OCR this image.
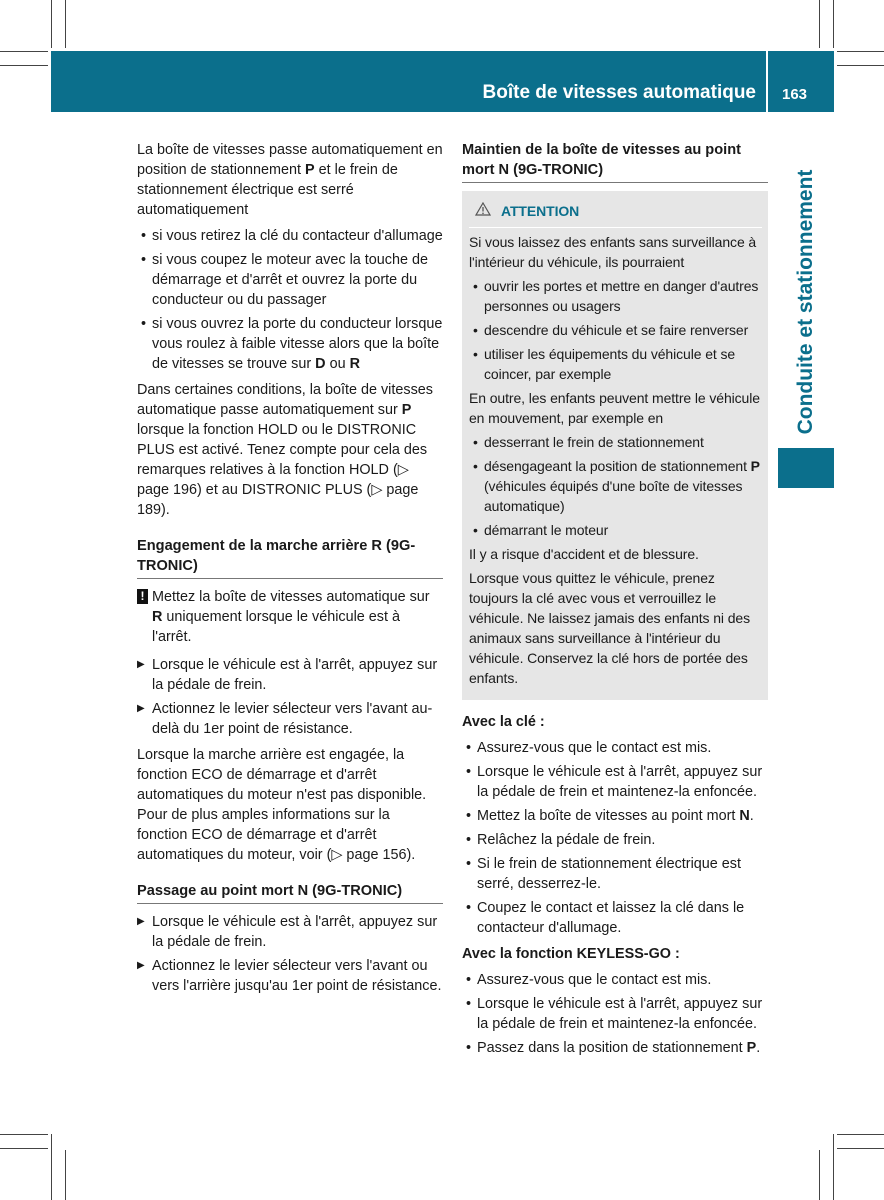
Boîte de vitesses automatique 163
Conduite et stationnement

La boîte de vitesses passe automatiquement en position de stationnement P et le frein de stationnement électrique est serré automatiquement

• si vous retirez la clé du contacteur d'allumage
• si vous coupez le moteur avec la touche de démarrage et d'arrêt et ouvrez la porte du conducteur ou du passager
• si vous ouvrez la porte du conducteur lorsque vous roulez à faible vitesse alors que la boîte de vitesses se trouve sur D ou R

Dans certaines conditions, la boîte de vitesses automatique passe automatiquement sur P lorsque la fonction HOLD ou le DISTRONIC PLUS est activé. Tenez compte pour cela des remarques relatives à la fonction HOLD (▷ page 196) et au DISTRONIC PLUS (▷ page 189).

Engagement de la marche arrière R (9G-TRONIC)
! Mettez la boîte de vitesses automatique sur R uniquement lorsque le véhicule est à l'arrêt.
▶ Lorsque le véhicule est à l'arrêt, appuyez sur la pédale de frein.
▶ Actionnez le levier sélecteur vers l'avant au-delà du 1er point de résistance.

Lorsque la marche arrière est engagée, la fonction ECO de démarrage et d'arrêt automatiques du moteur n'est pas disponible. Pour de plus amples informations sur la fonction ECO de démarrage et d'arrêt automatiques du moteur, voir (▷ page 156).

Passage au point mort N (9G-TRONIC)
▶ Lorsque le véhicule est à l'arrêt, appuyez sur la pédale de frein.
▶ Actionnez le levier sélecteur vers l'avant ou vers l'arrière jusqu'au 1er point de résistance.
Maintien de la boîte de vitesses au point mort N (9G-TRONIC)
ATTENTION

Si vous laissez des enfants sans surveillance à l'intérieur du véhicule, ils pourraient

• ouvrir les portes et mettre en danger d'autres personnes ou usagers
• descendre du véhicule et se faire renverser
• utiliser les équipements du véhicule et se coincer, par exemple

En outre, les enfants peuvent mettre le véhicule en mouvement, par exemple en

• desserrant le frein de stationnement
• désengageant la position de stationnement P (véhicules équipés d'une boîte de vitesses automatique)
• démarrant le moteur

Il y a risque d'accident et de blessure.

Lorsque vous quittez le véhicule, prenez toujours la clé avec vous et verrouillez le véhicule. Ne laissez jamais des enfants ni des animaux sans surveillance à l'intérieur du véhicule. Conservez la clé hors de portée des enfants.

Avec la clé :
• Assurez-vous que le contact est mis.
• Lorsque le véhicule est à l'arrêt, appuyez sur la pédale de frein et maintenez-la enfoncée.
• Mettez la boîte de vitesses au point mort N.
• Relâchez la pédale de frein.
• Si le frein de stationnement électrique est serré, desserrez-le.
• Coupez le contact et laissez la clé dans le contacteur d'allumage.
Avec la fonction KEYLESS-GO :
• Assurez-vous que le contact est mis.
• Lorsque le véhicule est à l'arrêt, appuyez sur la pédale de frein et maintenez-la enfoncée.
• Passez dans la position de stationnement P.
